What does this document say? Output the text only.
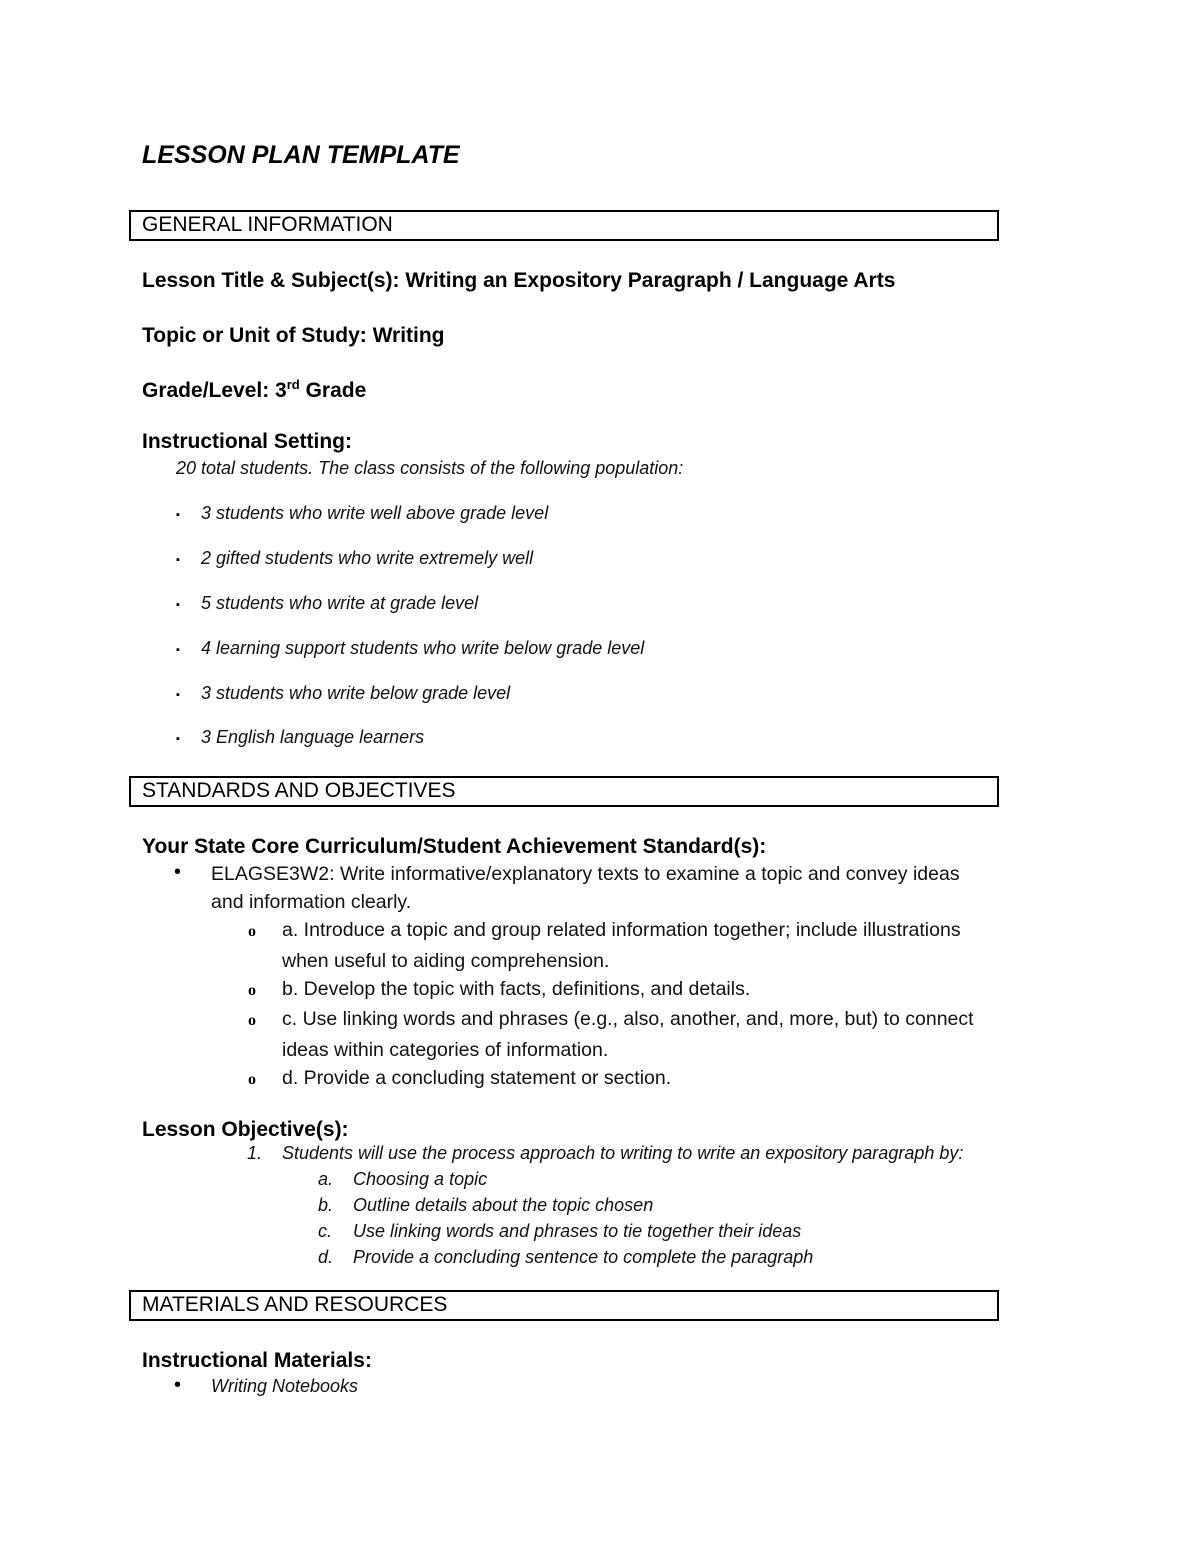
LESSON PLAN TEMPLATE
GENERAL INFORMATION
Lesson Title & Subject(s): Writing an Expository Paragraph / Language Arts
Topic or Unit of Study: Writing
Grade/Level: 3rd Grade
Instructional Setting:
20 total students. The class consists of the following population:
▪ 3 students who write well above grade level
▪ 2 gifted students who write extremely well
▪ 5 students who write at grade level
▪ 4 learning support students who write below grade level
▪ 3 students who write below grade level
▪ 3 English language learners
STANDARDS AND OBJECTIVES
Your State Core Curriculum/Student Achievement Standard(s):
• ELAGSE3W2: Write informative/explanatory texts to examine a topic and convey ideas
and information clearly.
o a. Introduce a topic and group related information together; include illustrations
when useful to aiding comprehension.
o b. Develop the topic with facts, definitions, and details.
o c. Use linking words and phrases (e.g., also, another, and, more, but) to connect
ideas within categories of information.
o d. Provide a concluding statement or section.
Lesson Objective(s):
1. Students will use the process approach to writing to write an expository paragraph by:
a. Choosing a topic
b. Outline details about the topic chosen
c. Use linking words and phrases to tie together their ideas
d. Provide a concluding sentence to complete the paragraph
MATERIALS AND RESOURCES
Instructional Materials:
• Writing Notebooks
